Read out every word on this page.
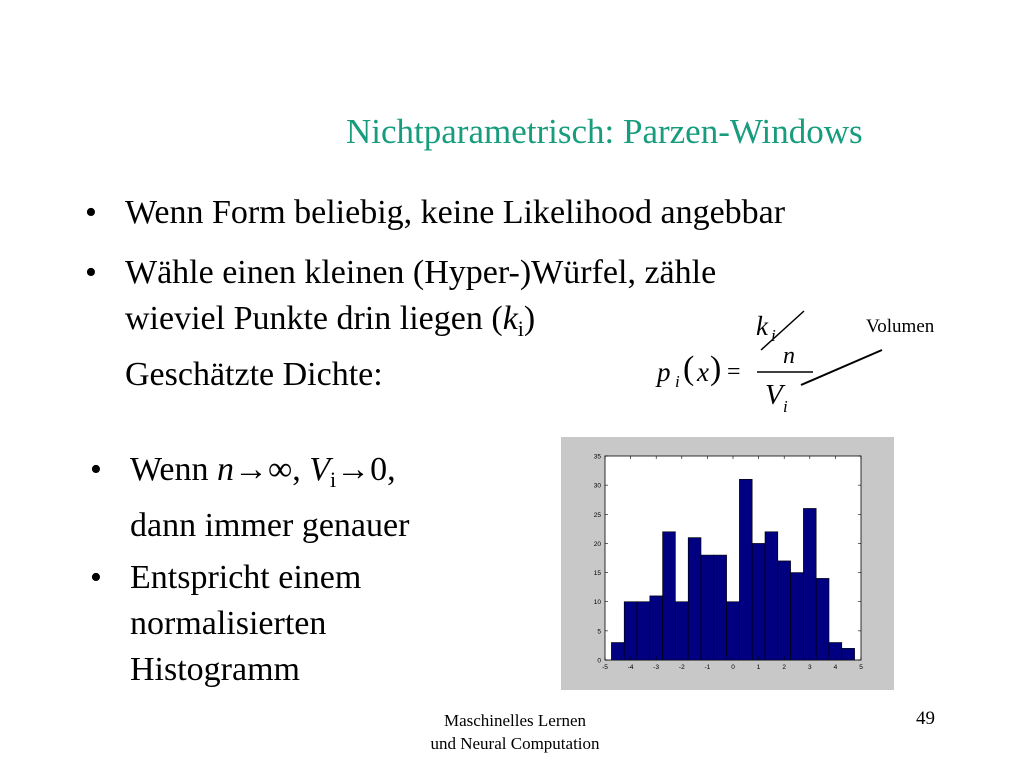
Nichtparametrisch: Parzen-Windows
• Wenn Form beliebig, keine Likelihood angebbar
• Wähle einen kleinen (Hyper-)Würfel, zähle
wieviel Punkte drin liegen $(k_i)$
Geschätzte Dichte:	p i ( x ) =
k i
n
V i
Volumen
• Wenn n→∞, $V_i\to 0$,
dann immer genauer
• Entspricht einem
normalisierten
Histogramm	0
5
10
15
20
25
30
35
-5	-4	-3	-2	-1	0	1	2	3	4	5
Maschinelles Lernen
und Neural Computation
49
